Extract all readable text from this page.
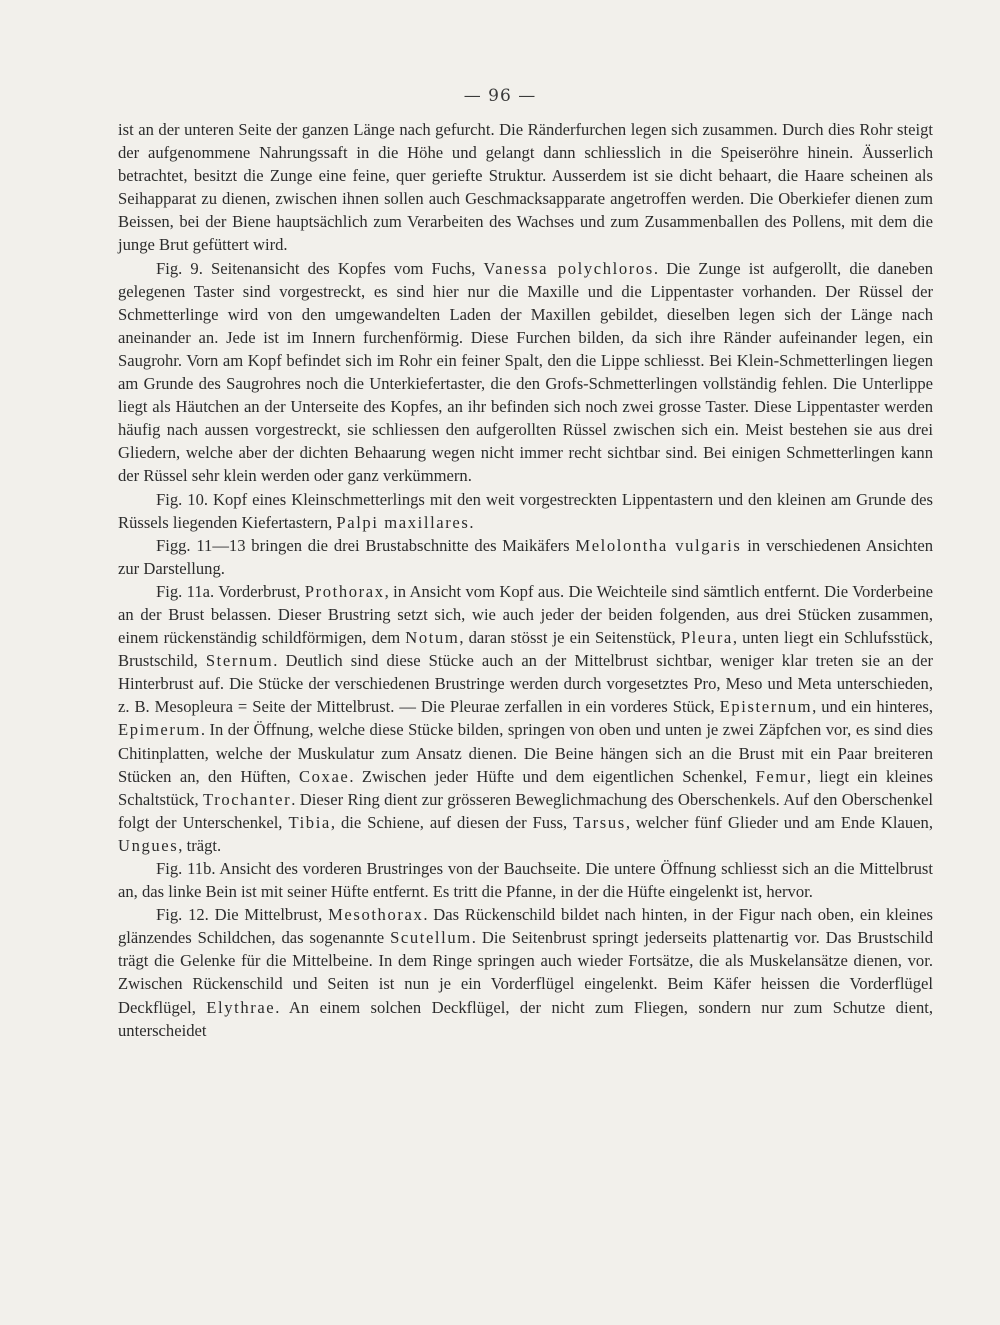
— 96 —

ist an der unteren Seite der ganzen Länge nach gefurcht. Die Ränderfurchen legen sich zusammen. Durch dies Rohr steigt der aufgenommene Nahrungssaft in die Höhe und gelangt dann schliesslich in die Speiseröhre hinein. Äusserlich betrachtet, besitzt die Zunge eine feine, quer geriefte Struktur. Ausserdem ist sie dicht behaart, die Haare scheinen als Seihapparat zu dienen, zwischen ihnen sollen auch Geschmacksapparate angetroffen werden. Die Oberkiefer dienen zum Beissen, bei der Biene hauptsächlich zum Verarbeiten des Wachses und zum Zusammenballen des Pollens, mit dem die junge Brut gefüttert wird.

Fig. 9. Seitenansicht des Kopfes vom Fuchs, Vanessa polychloros. Die Zunge ist aufgerollt, die daneben gelegenen Taster sind vorgestreckt, es sind hier nur die Maxille und die Lippentaster vorhanden. Der Rüssel der Schmetterlinge wird von den umgewandelten Laden der Maxillen gebildet, dieselben legen sich der Länge nach aneinander an. Jede ist im Innern furchenförmig. Diese Furchen bilden, da sich ihre Ränder aufeinander legen, ein Saugrohr. Vorn am Kopf befindet sich im Rohr ein feiner Spalt, den die Lippe schliesst. Bei Klein-Schmetterlingen liegen am Grunde des Saugrohres noch die Unterkiefertaster, die den Grofs-Schmetterlingen vollständig fehlen. Die Unterlippe liegt als Häutchen an der Unterseite des Kopfes, an ihr befinden sich noch zwei grosse Taster. Diese Lippentaster werden häufig nach aussen vorgestreckt, sie schliessen den aufgerollten Rüssel zwischen sich ein. Meist bestehen sie aus drei Gliedern, welche aber der dichten Behaarung wegen nicht immer recht sichtbar sind. Bei einigen Schmetterlingen kann der Rüssel sehr klein werden oder ganz verkümmern.

Fig. 10. Kopf eines Kleinschmetterlings mit den weit vorgestreckten Lippentastern und den kleinen am Grunde des Rüssels liegenden Kiefertastern, Palpi maxillares.

Figg. 11—13 bringen die drei Brustabschnitte des Maikäfers Melolontha vulgaris in verschiedenen Ansichten zur Darstellung.

Fig. 11a. Vorderbrust, Prothorax, in Ansicht vom Kopf aus. Die Weichteile sind sämtlich entfernt. Die Vorderbeine an der Brust belassen. Dieser Brustring setzt sich, wie auch jeder der beiden folgenden, aus drei Stücken zusammen, einem rückenständig schildförmigen, dem Notum, daran stösst je ein Seitenstück, Pleura, unten liegt ein Schlufsstück, Brustschild, Sternum. Deutlich sind diese Stücke auch an der Mittelbrust sichtbar, weniger klar treten sie an der Hinterbrust auf. Die Stücke der verschiedenen Brustringe werden durch vorgesetztes Pro, Meso und Meta unterschieden, z. B. Mesopleura = Seite der Mittelbrust. — Die Pleurae zerfallen in ein vorderes Stück, Episternum, und ein hinteres, Epimerum. In der Öffnung, welche diese Stücke bilden, springen von oben und unten je zwei Zäpfchen vor, es sind dies Chitinplatten, welche der Muskulatur zum Ansatz dienen. Die Beine hängen sich an die Brust mit ein Paar breiteren Stücken an, den Hüften, Coxae. Zwischen jeder Hüfte und dem eigentlichen Schenkel, Femur, liegt ein kleines Schaltstück, Trochanter. Dieser Ring dient zur grösseren Beweglichmachung des Oberschenkels. Auf den Oberschenkel folgt der Unterschenkel, Tibia, die Schiene, auf diesen der Fuss, Tarsus, welcher fünf Glieder und am Ende Klauen, Ungues, trägt.

Fig. 11b. Ansicht des vorderen Brustringes von der Bauchseite. Die untere Öffnung schliesst sich an die Mittelbrust an, das linke Bein ist mit seiner Hüfte entfernt. Es tritt die Pfanne, in der die Hüfte eingelenkt ist, hervor.

Fig. 12. Die Mittelbrust, Mesothorax. Das Rückenschild bildet nach hinten, in der Figur nach oben, ein kleines glänzendes Schildchen, das sogenannte Scutellum. Die Seitenbrust springt jederseits plattenartig vor. Das Brustschild trägt die Gelenke für die Mittelbeine. In dem Ringe springen auch wieder Fortsätze, die als Muskelansätze dienen, vor. Zwischen Rückenschild und Seiten ist nun je ein Vorderflügel eingelenkt. Beim Käfer heissen die Vorderflügel Deckflügel, Elythrae. An einem solchen Deckflügel, der nicht zum Fliegen, sondern nur zum Schutze dient, unterscheidet
